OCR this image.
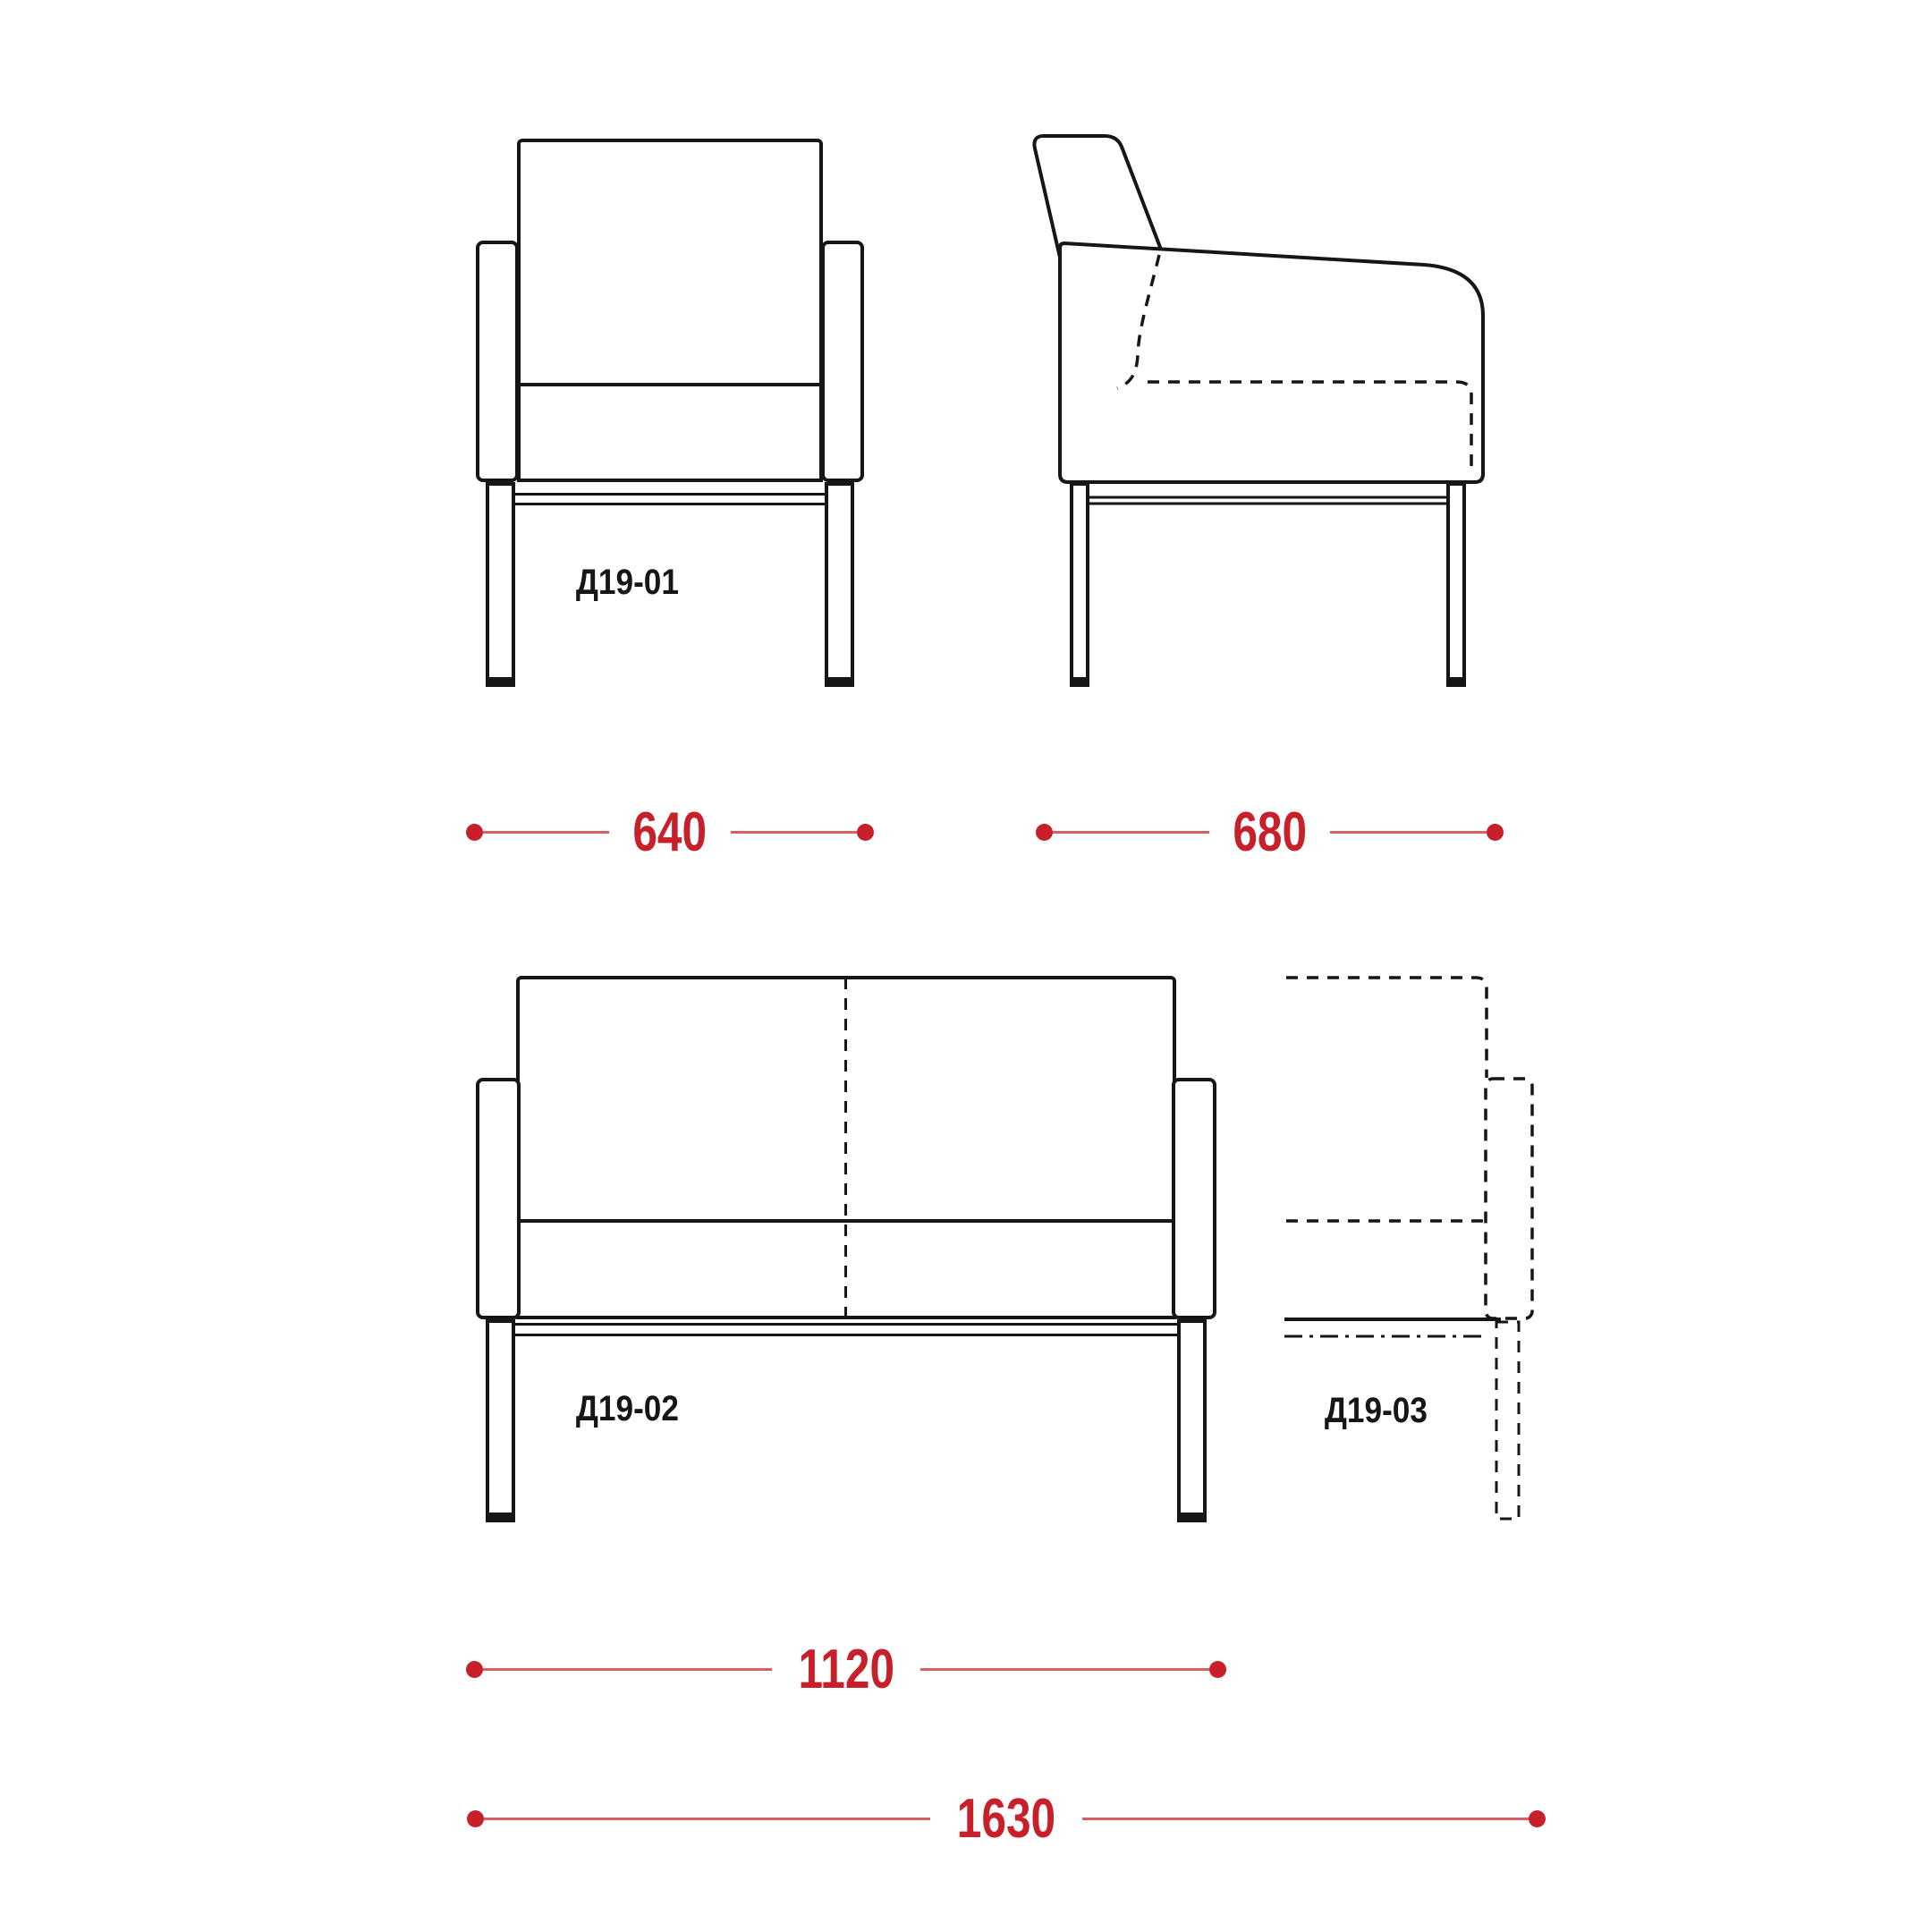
Д19-01
640	680
Д19-02	Д19-03
1120
1630
